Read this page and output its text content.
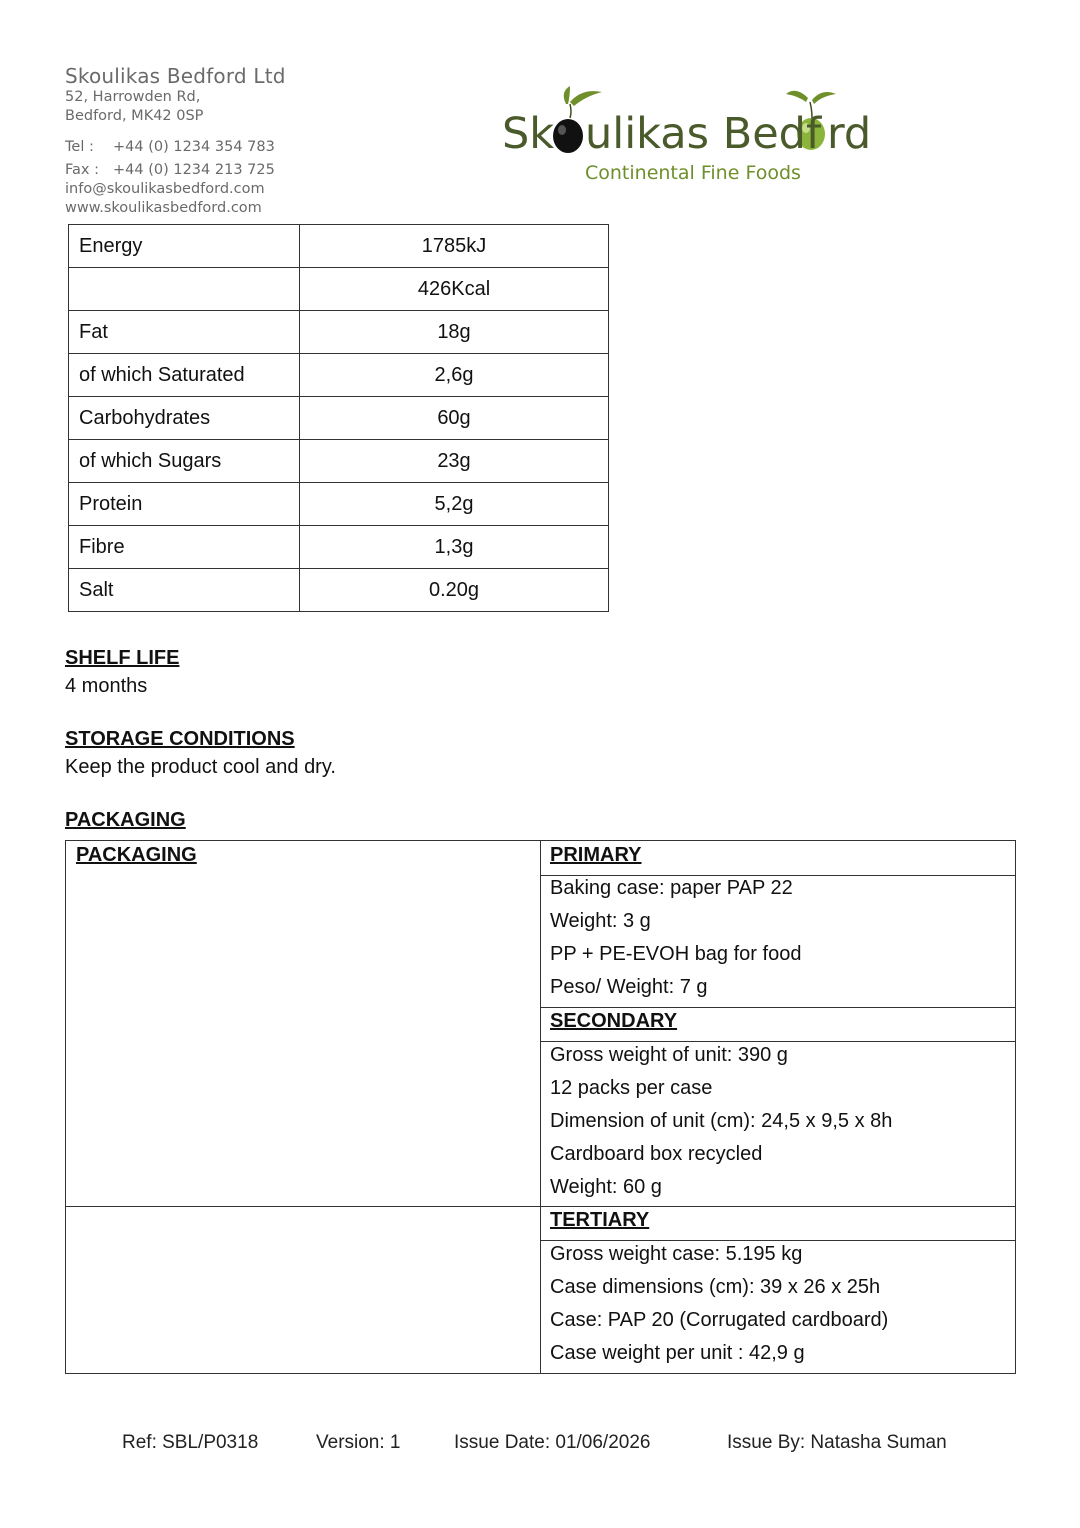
Skoulikas Bedford Ltd
52, Harrowden Rd,
Bedford, MK42 0SP
Tel :	+44 (0) 1234 354 783
Fax : +44 (0) 1234 213 725
info@skoulikasbedford.com
www.skoulikasbedford.com
Sk ulikas Bedf rd
Continental Fine Foods
Energy	1785kJ
	426Kcal
Fat	18g
of which Saturated	2,6g
Carbohydrates	60g
of which Sugars	23g
Protein	5,2g
Fibre	1,3g
Salt	0.20g
SHELF LIFE
4 months
STORAGE CONDITIONS
Keep the product cool and dry.
PACKAGING
PACKAGING	PRIMARY
Baking case: paper PAP 22
Weight: 3 g
PP + PE-EVOH bag for food
Peso/ Weight: 7 g
SECONDARY
Gross weight of unit: 390 g
12 packs per case
Dimension of unit (cm): 24,5 x 9,5 x 8h
Cardboard box recycled
Weight: 60 g
TERTIARY
Gross weight case: 5.195 kg
Case dimensions (cm): 39 x 26 x 25h
Case: PAP 20 (Corrugated cardboard)
Case weight per unit : 42,9 g
Ref: SBL/P0318	Version: 1	Issue Date: 01/06/2026	Issue By: Natasha Suman
